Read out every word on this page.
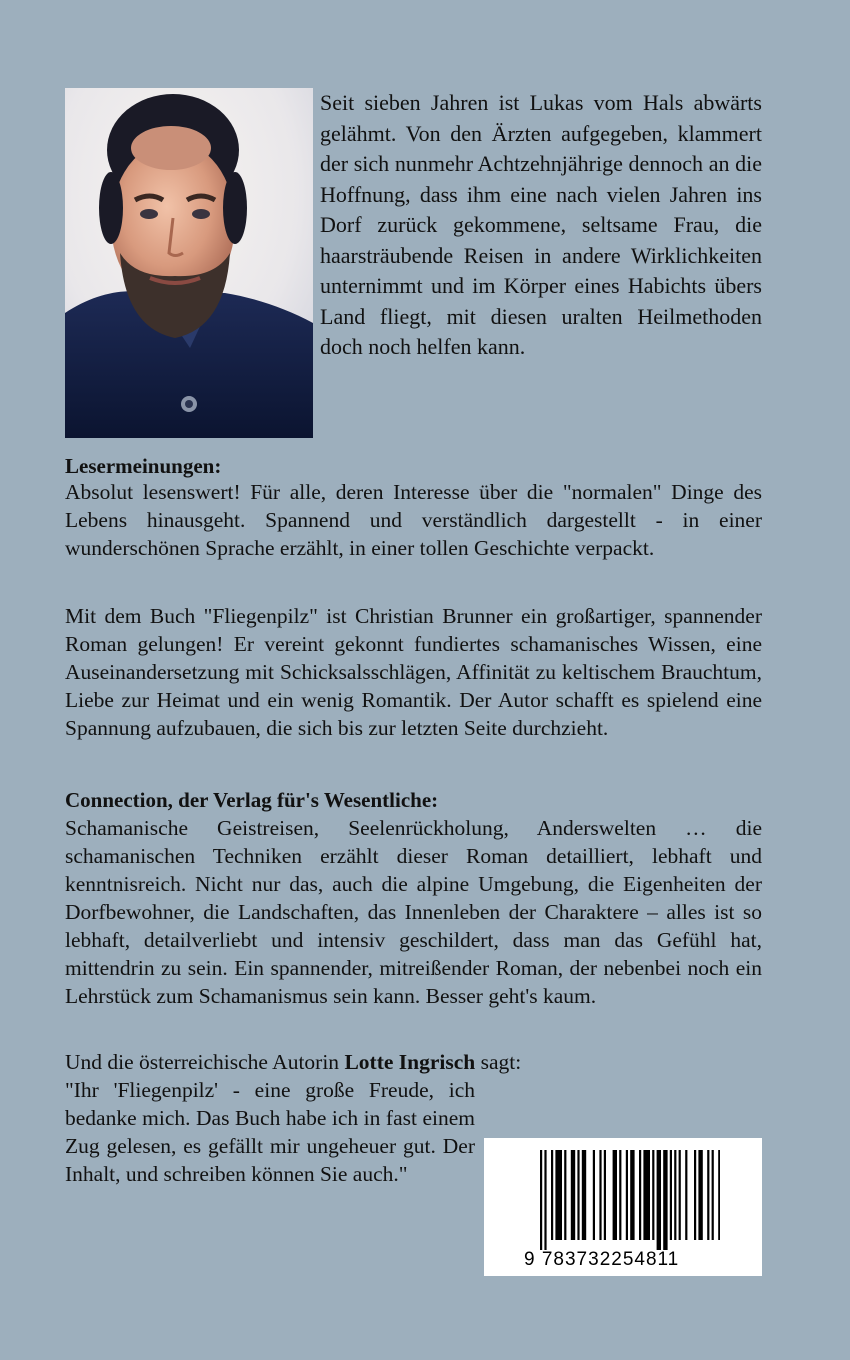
Seit sieben Jahren ist Lukas vom Hals abwärts gelähmt. Von den Ärzten aufgegeben, klammert der sich nunmehr Achtzehnjährige dennoch an die Hoffnung, dass ihm eine nach vielen Jahren ins Dorf zurück gekommene, seltsame Frau, die haarsträubende Reisen in andere Wirklichkeiten unternimmt und im Körper eines Habichts übers Land fliegt, mit diesen uralten Heilmethoden doch noch helfen kann.

Lesermeinungen:

Absolut lesenswert! Für alle, deren Interesse über die "normalen" Dinge des Lebens hinausgeht. Spannend und verständlich dargestellt - in einer wunderschönen Sprache erzählt, in einer tollen Geschichte verpackt.

Mit dem Buch "Fliegenpilz" ist Christian Brunner ein großartiger, spannender Roman gelungen! Er vereint gekonnt fundiertes schamanisches Wissen, eine Auseinandersetzung mit Schicksalsschlägen, Affinität zu keltischem Brauchtum, Liebe zur Heimat und ein wenig Romantik. Der Autor schafft es spielend eine Spannung aufzubauen, die sich bis zur letzten Seite durchzieht.

Connection, der Verlag für's Wesentliche:

Schamanische Geistreisen, Seelenrückholung, Anderswelten … die schamanischen Techniken erzählt dieser Roman detailliert, lebhaft und kenntnisreich. Nicht nur das, auch die alpine Umgebung, die Eigenheiten der Dorfbewohner, die Landschaften, das Innenleben der Charaktere – alles ist so lebhaft, detailverliebt und intensiv geschildert, dass man das Gefühl hat, mittendrin zu sein. Ein spannender, mitreißender Roman, der nebenbei noch ein Lehrstück zum Schamanismus sein kann. Besser geht's kaum.

Und die österreichische Autorin Lotte Ingrisch sagt:

"Ihr 'Fliegenpilz' - eine große Freude, ich bedanke mich. Das Buch habe ich in fast einem Zug gelesen, es gefällt mir ungeheuer gut. Der Inhalt, und schreiben können Sie auch."

9 783732254811
